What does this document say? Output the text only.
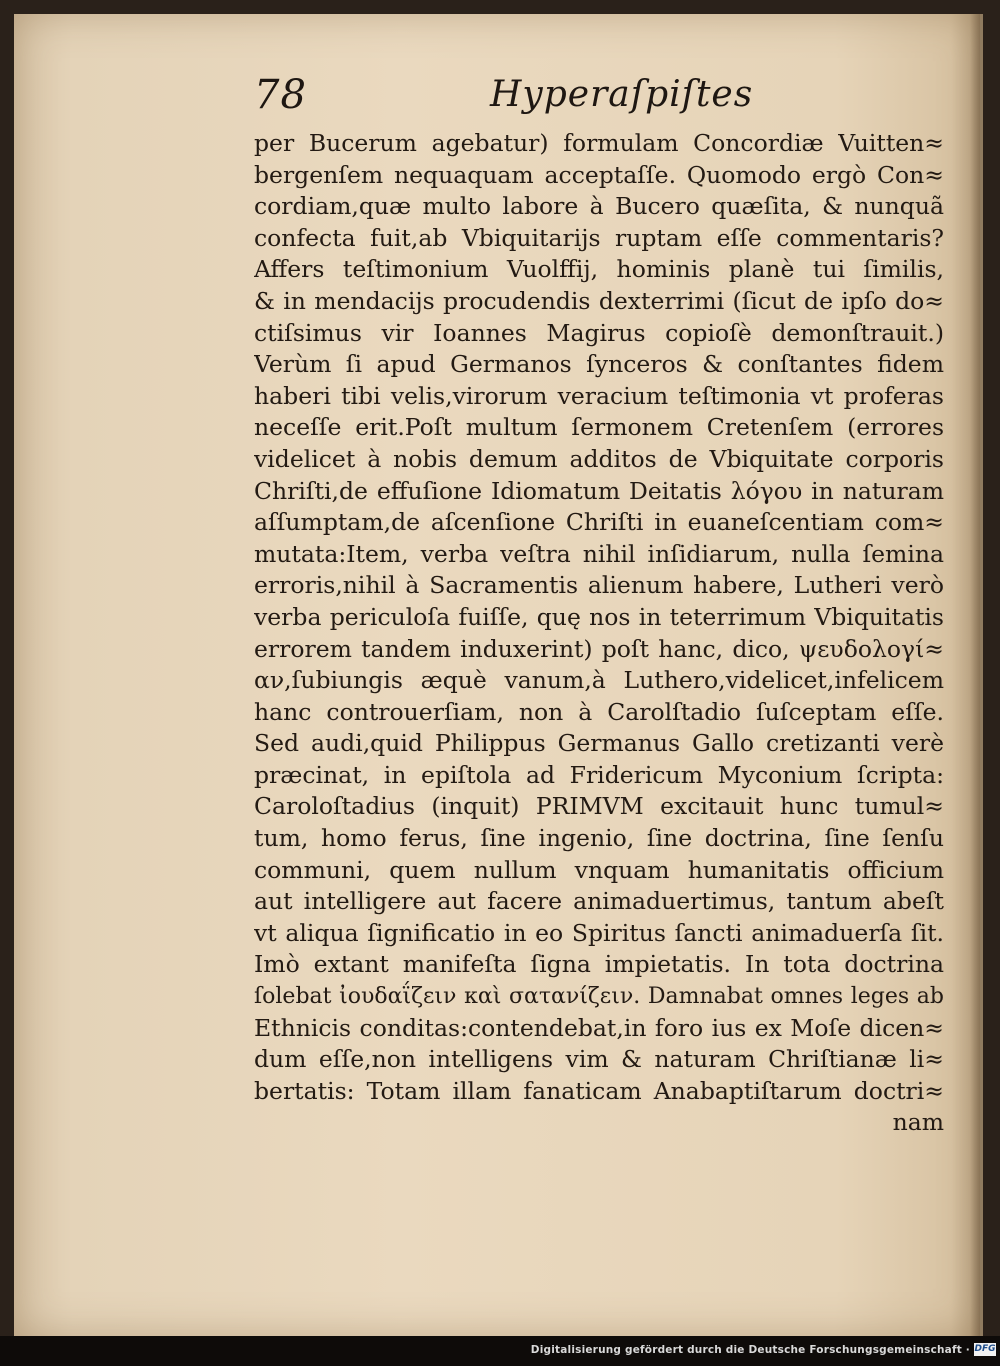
78	Hyperaſpiſtes
per Bucerum agebatur) formulam Concordiæ Vuitten≈
bergenſem nequaquam acceptaſſe. Quomodo ergò Con≈
cordiam,quæ multo labore à Bucero quæſita, & nunquã
confecta fuit,ab Vbiquitarijs ruptam eſſe commentaris?
Affers teſtimonium Vuolffij, hominis planè tui ſimilis,
& in mendacijs procudendis dexterrimi (ſicut de ipſo do≈
ctiſsimus vir Ioannes Magirus copioſè demonſtrauit.)
Verùm ſi apud Germanos ſynceros & conſtantes fidem
haberi tibi velis,virorum veracium teſtimonia vt proferas
neceſſe erit.Poſt multum ſermonem Cretenſem (errores
videlicet à nobis demum additos de Vbiquitate corporis
Chriſti,de effuſione Idiomatum Deitatis λόγου in naturam
aſſumptam,de aſcenſione Chriſti in euaneſcentiam com≈
mutata:Item, verba veſtra nihil inſidiarum, nulla ſemina
erroris,nihil à Sacramentis alienum habere, Lutheri verò
verba periculoſa fuiſſe, quę nos in teterrimum Vbiquitatis
errorem tandem induxerint) poſt hanc, dico, ψευδολογί≈
αν,ſubiungis æquè vanum,à Luthero,videlicet,infelicem
hanc controuerſiam, non à Carolſtadio ſuſceptam eſſe.
Sed audi,quid Philippus Germanus Gallo cretizanti verè
præcinat, in epiſtola ad Fridericum Myconium ſcripta:
Caroloſtadius (inquit) PRIMVM excitauit hunc tumul≈
tum, homo ferus, ſine ingenio, ſine doctrina, ſine ſenſu
communi, quem nullum vnquam humanitatis officium
aut intelligere aut facere animaduertimus, tantum abeſt
vt aliqua ſignificatio in eo Spiritus ſancti animaduerſa ſit.
Imò extant manifeſta ſigna impietatis. In tota doctrina
ſolebat ἰουδαΐζειν καὶ σατανίζειν. Damnabat omnes leges ab
Ethnicis conditas:contendebat,in foro ius ex Moſe dicen≈
dum eſſe,non intelligens vim & naturam Chriſtianæ li≈
bertatis: Totam illam fanaticam Anabaptiſtarum doctri≈
nam
Digitalisierung gefördert durch die Deutsche Forschungsgemeinschaft · DFG
